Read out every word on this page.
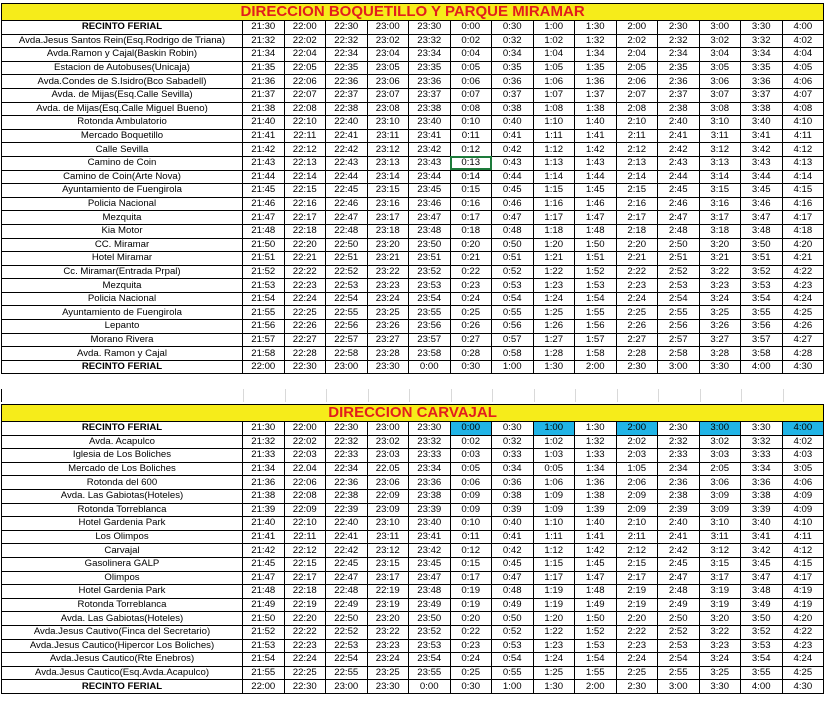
DIRECCION BOQUETILLO Y PARQUE MIRAMAR														
RECINTO FERIAL	21:30	22:00	22:30	23:00	23:30	0:00	0:30	1:00	1:30	2:00	2:30	3:00	3:30	4:00
Avda.Jesus Santos Rein(Esq.Rodrigo de Triana)	21:32	22:02	22:32	23:02	23:32	0:02	0:32	1:02	1:32	2:02	2:32	3:02	3:32	4:02
Avda.Ramon y Cajal(Baskin Robin)	21:34	22:04	22:34	23:04	23:34	0:04	0:34	1:04	1:34	2:04	2:34	3:04	3:34	4:04
Estacion de Autobuses(Unicaja)	21:35	22:05	22:35	23:05	23:35	0:05	0:35	1:05	1:35	2:05	2:35	3:05	3:35	4:05
Avda.Condes de S.Isidro(Bco Sabadell)	21:36	22:06	22:36	23:06	23:36	0:06	0:36	1:06	1:36	2:06	2:36	3:06	3:36	4:06
Avda. de Mijas(Esq.Calle Sevilla)	21:37	22:07	22:37	23:07	23:37	0:07	0:37	1:07	1:37	2:07	2:37	3:07	3:37	4:07
Avda. de Mijas(Esq.Calle Miguel Bueno)	21:38	22:08	22:38	23:08	23:38	0:08	0:38	1:08	1:38	2:08	2:38	3:08	3:38	4:08
Rotonda Ambulatorio	21:40	22:10	22:40	23:10	23:40	0:10	0:40	1:10	1:40	2:10	2:40	3:10	3:40	4:10
Mercado Boquetillo	21:41	22:11	22:41	23:11	23:41	0:11	0:41	1:11	1:41	2:11	2:41	3:11	3:41	4:11
Calle Sevilla	21:42	22:12	22:42	23:12	23:42	0:12	0:42	1:12	1:42	2:12	2:42	3:12	3:42	4:12
Camino de Coin	21:43	22:13	22:43	23:13	23:43	0:13	0:43	1:13	1:43	2:13	2:43	3:13	3:43	4:13
Camino de Coin(Arte Nova)	21:44	22:14	22:44	23:14	23:44	0:14	0:44	1:14	1:44	2:14	2:44	3:14	3:44	4:14
Ayuntamiento de Fuengirola	21:45	22:15	22:45	23:15	23:45	0:15	0:45	1:15	1:45	2:15	2:45	3:15	3:45	4:15
Policia Nacional	21:46	22:16	22:46	23:16	23:46	0:16	0:46	1:16	1:46	2:16	2:46	3:16	3:46	4:16
Mezquita	21:47	22:17	22:47	23:17	23:47	0:17	0:47	1:17	1:47	2:17	2:47	3:17	3:47	4:17
Kia Motor	21:48	22:18	22:48	23:18	23:48	0:18	0:48	1:18	1:48	2:18	2:48	3:18	3:48	4:18
CC. Miramar	21:50	22:20	22:50	23:20	23:50	0:20	0:50	1:20	1:50	2:20	2:50	3:20	3:50	4:20
Hotel Miramar	21:51	22:21	22:51	23:21	23:51	0:21	0:51	1:21	1:51	2:21	2:51	3:21	3:51	4:21
Cc. Miramar(Entrada Prpal)	21:52	22:22	22:52	23:22	23:52	0:22	0:52	1:22	1:52	2:22	2:52	3:22	3:52	4:22
Mezquita	21:53	22:23	22:53	23:23	23:53	0:23	0:53	1:23	1:53	2:23	2:53	3:23	3:53	4:23
Policia Nacional	21:54	22:24	22:54	23:24	23:54	0:24	0:54	1:24	1:54	2:24	2:54	3:24	3:54	4:24
Ayuntamiento de Fuengirola	21:55	22:25	22:55	23:25	23:55	0:25	0:55	1:25	1:55	2:25	2:55	3:25	3:55	4:25
Lepanto	21:56	22:26	22:56	23:26	23:56	0:26	0:56	1:26	1:56	2:26	2:56	3:26	3:56	4:26
Morano Rivera	21:57	22:27	22:57	23:27	23:57	0:27	0:57	1:27	1:57	2:27	2:57	3:27	3:57	4:27
Avda. Ramon y Cajal	21:58	22:28	22:58	23:28	23:58	0:28	0:58	1:28	1:58	2:28	2:58	3:28	3:58	4:28
RECINTO FERIAL	22:00	22:30	23:00	23:30	0:00	0:30	1:00	1:30	2:00	2:30	3:00	3:30	4:00	4:30
DIRECCION CARVAJAL														
RECINTO FERIAL	21:30	22:00	22:30	23:00	23:30	0:00	0:30	1:00	1:30	2:00	2:30	3:00	3:30	4:00
Avda. Acapulco	21:32	22:02	22:32	23:02	23:32	0:02	0:32	1:02	1:32	2:02	2:32	3:02	3:32	4:02
Iglesia de Los Boliches	21:33	22:03	22:33	23:03	23:33	0:03	0:33	1:03	1:33	2:03	2:33	3:03	3:33	4:03
Mercado de Los Boliches	21:34	22.04	22:34	22.05	23:34	0:05	0:34	0:05	1:34	1:05	2:34	2:05	3:34	3:05
Rotonda del 600	21:36	22:06	22:36	23:06	23:36	0:06	0:36	1:06	1:36	2:06	2:36	3:06	3:36	4:06
Avda. Las Gabiotas(Hoteles)	21:38	22:08	22:38	22:09	23:38	0:09	0:38	1:09	1:38	2:09	2:38	3:09	3:38	4:09
Rotonda Torreblanca	21:39	22:09	22:39	23:09	23:39	0:09	0:39	1:09	1:39	2:09	2:39	3:09	3:39	4:09
Hotel Gardenia Park	21:40	22:10	22:40	23:10	23:40	0:10	0:40	1:10	1:40	2:10	2:40	3:10	3:40	4:10
Los Olimpos	21:41	22:11	22:41	23:11	23:41	0:11	0:41	1:11	1:41	2:11	2:41	3:11	3:41	4:11
Carvajal	21:42	22:12	22:42	23:12	23:42	0:12	0:42	1:12	1:42	2:12	2:42	3:12	3:42	4:12
Gasolinera GALP	21:45	22:15	22:45	23:15	23:45	0:15	0:45	1:15	1:45	2:15	2:45	3:15	3:45	4:15
Olimpos	21:47	22:17	22:47	23:17	23:47	0:17	0:47	1:17	1:47	2:17	2:47	3:17	3:47	4:17
Hotel Gardenia Park	21:48	22:18	22:48	22:19	23:48	0:19	0:48	1:19	1:48	2:19	2:48	3:19	3:48	4:19
Rotonda Torreblanca	21:49	22:19	22:49	23:19	23:49	0:19	0:49	1:19	1:49	2:19	2:49	3:19	3:49	4:19
Avda. Las Gabiotas(Hoteles)	21:50	22:20	22:50	23:20	23:50	0:20	0:50	1:20	1:50	2:20	2:50	3:20	3:50	4:20
Avda.Jesus Cautivo(Finca del Secretario)	21:52	22:22	22:52	23:22	23:52	0:22	0:52	1:22	1:52	2:22	2:52	3:22	3:52	4:22
Avda.Jesus Cautico(Hipercor Los Boliches)	21:53	22:23	22:53	23:23	23:53	0:23	0:53	1:23	1:53	2:23	2:53	3:23	3:53	4:23
Avda.Jesus Cautico(Rte Enebros)	21:54	22:24	22:54	23:24	23:54	0:24	0:54	1:24	1:54	2:24	2:54	3:24	3:54	4:24
Avda.Jesus Cautico(Esq.Avda.Acapulco)	21:55	22:25	22:55	23:25	23:55	0:25	0:55	1:25	1:55	2:25	2:55	3:25	3:55	4:25
RECINTO FERIAL	22:00	22:30	23:00	23:30	0:00	0:30	1:00	1:30	2:00	2:30	3:00	3:30	4:00	4:30
